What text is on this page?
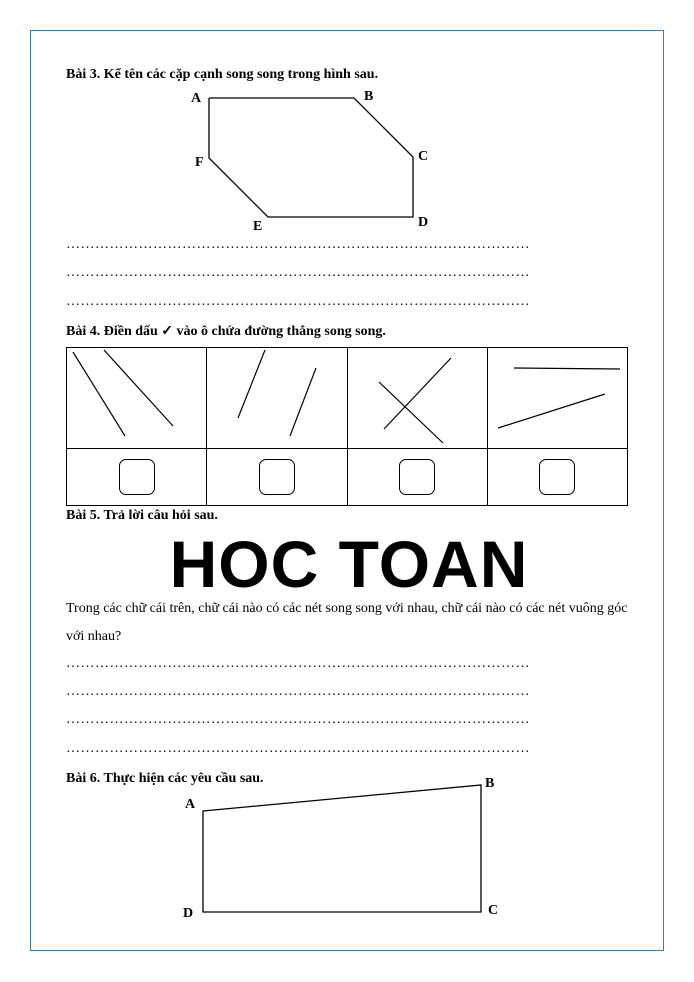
Bài 3. Kể tên các cặp cạnh song song trong hình sau.
A	B
C
D
E
F
……………………………………………………………………………………
……………………………………………………………………………………
……………………………………………………………………………………
Bài 4. Điền dấu ✓ vào ô chứa đường thẳng song song.

Bài 5. Trả lời câu hỏi sau.
HOC TOAN
Trong các chữ cái trên, chữ cái nào có các nét song song với nhau, chữ cái nào có các nét vuông góc với nhau?
……………………………………………………………………………………
……………………………………………………………………………………
……………………………………………………………………………………
……………………………………………………………………………………
Bài 6. Thực hiện các yêu cầu sau.
A
B
C
D
